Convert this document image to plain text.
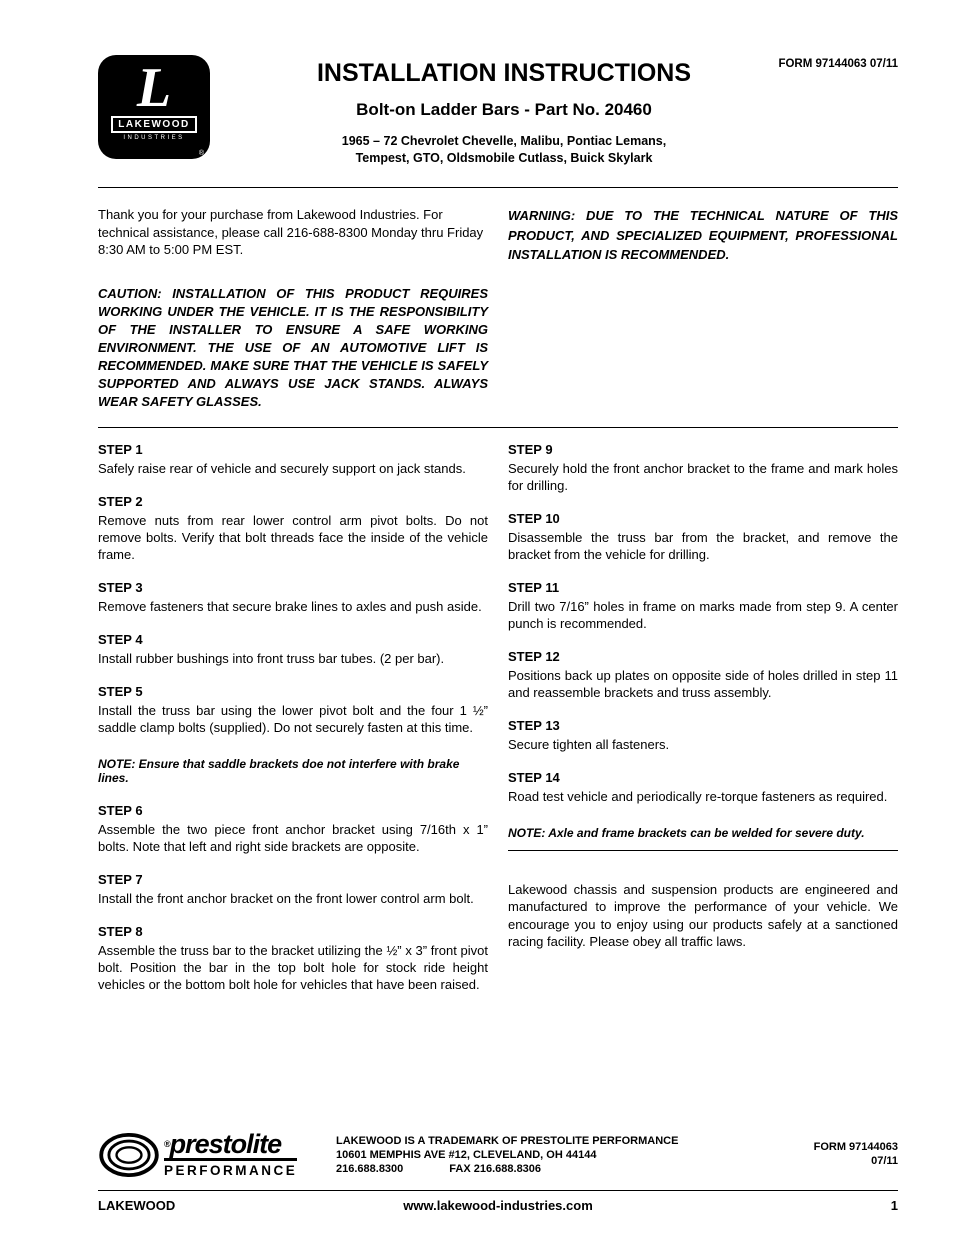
L
LAKEWOOD
INDUSTRIES
®
INSTALLATION INSTRUCTIONS
Bolt-on Ladder Bars - Part No. 20460
1965 – 72 Chevrolet Chevelle, Malibu, Pontiac Lemans,
Tempest, GTO, Oldsmobile Cutlass, Buick Skylark
FORM 97144063 07/11

Thank you for your purchase from Lakewood Industries. For technical assistance, please call 216-688-8300 Monday thru Friday 8:30 AM to 5:00 PM EST.

CAUTION: INSTALLATION OF THIS PRODUCT REQUIRES WORKING UNDER THE VEHICLE. IT IS THE RESPONSIBILITY OF THE INSTALLER TO ENSURE A SAFE WORKING ENVIRONMENT. THE USE OF AN AUTOMOTIVE LIFT IS RECOMMENDED. MAKE SURE THAT THE VEHICLE IS SAFELY SUPPORTED AND ALWAYS USE JACK STANDS. ALWAYS WEAR SAFETY GLASSES.

WARNING: DUE TO THE TECHNICAL NATURE OF THIS PRODUCT, AND SPECIALIZED EQUIPMENT, PROFESSIONAL INSTALLATION IS RECOMMENDED.

STEP 1

Safely raise rear of vehicle and securely support on jack stands.

STEP 2

Remove nuts from rear lower control arm pivot bolts. Do not remove bolts. Verify that bolt threads face the inside of the vehicle frame.

STEP 3

Remove fasteners that secure brake lines to axles and push aside.

STEP 4

Install rubber bushings into front truss bar tubes. (2 per bar).

STEP 5

Install the truss bar using the lower pivot bolt and the four 1 ½” saddle clamp bolts (supplied). Do not securely fasten at this time.

NOTE: Ensure that saddle brackets doe not interfere with brake lines.

STEP 6

Assemble the two piece front anchor bracket using 7/16th x 1” bolts. Note that left and right side brackets are opposite.

STEP 7

Install the front anchor bracket on the front lower control arm bolt.

STEP 8

Assemble the truss bar to the bracket utilizing the ½” x 3” front pivot bolt. Position the bar in the top bolt hole for stock ride height vehicles or the bottom bolt hole for vehicles that have been raised.

STEP 9

Securely hold the front anchor bracket to the frame and mark holes for drilling.

STEP 10

Disassemble the truss bar from the bracket, and remove the bracket from the vehicle for drilling.

STEP 11

Drill two 7/16” holes in frame on marks made from step 9. A center punch is recommended.

STEP 12

Positions back up plates on opposite side of holes drilled in step 11 and reassemble brackets and truss assembly.

STEP 13

Secure tighten all fasteners.

STEP 14

Road test vehicle and periodically re-torque fasteners as required.

NOTE: Axle and frame brackets can be welded for severe duty.

Lakewood chassis and suspension products are engineered and manufactured to improve the performance of your vehicle. We encourage you to enjoy using our products safely at a sanctioned racing facility. Please obey all traffic laws.

®prestolite
PERFORMANCE
LAKEWOOD IS A TRADEMARK OF PRESTOLITE PERFORMANCE
10601 MEMPHIS AVE #12, CLEVELAND, OH 44144
216.688.8300	FAX 216.688.8306
FORM 97144063
07/11
LAKEWOOD	www.lakewood-industries.com	1
